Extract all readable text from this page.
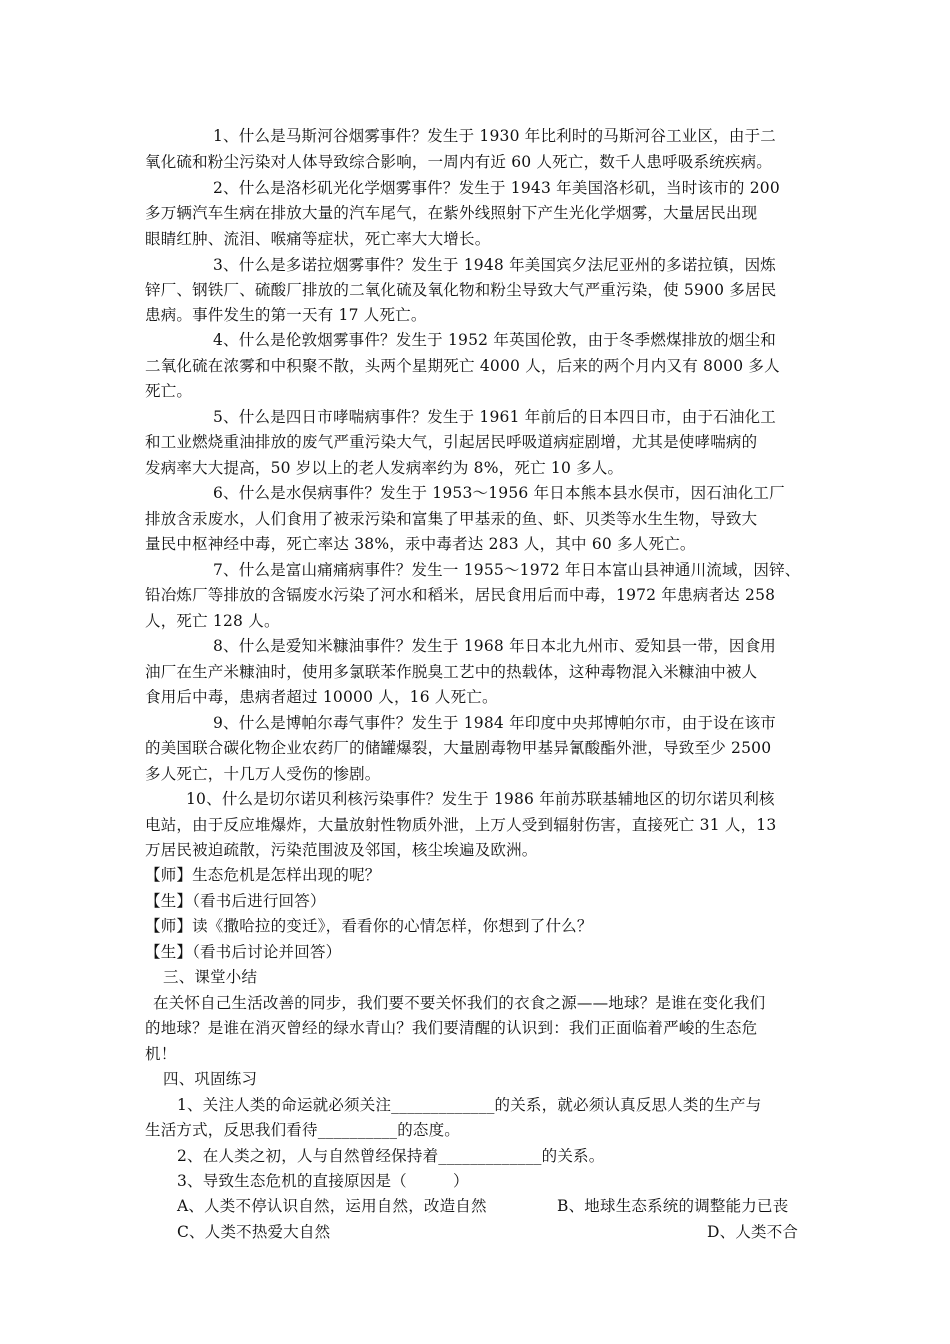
1、什么是马斯河谷烟雾事件？发生于 1930 年比利时的马斯河谷工业区，由于二
氧化硫和粉尘污染对人体导致综合影响，一周内有近 60 人死亡，数千人患呼吸系统疾病。
2、什么是洛杉矶光化学烟雾事件？发生于 1943 年美国洛杉矶，当时该市的 200
多万辆汽车生病在排放大量的汽车尾气，在紫外线照射下产生光化学烟雾，大量居民出现
眼睛红肿、流泪、喉痛等症状，死亡率大大增长。
3、什么是多诺拉烟雾事件？发生于 1948 年美国宾夕法尼亚州的多诺拉镇，因炼
锌厂、钢铁厂、硫酸厂排放的二氧化硫及氧化物和粉尘导致大气严重污染，使 5900 多居民
患病。事件发生的第一天有 17 人死亡。
4、什么是伦敦烟雾事件？发生于 1952 年英国伦敦，由于冬季燃煤排放的烟尘和
二氧化硫在浓雾和中积聚不散，头两个星期死亡 4000 人，后来的两个月内又有 8000 多人
死亡。
5、什么是四日市哮喘病事件？发生于 1961 年前后的日本四日市，由于石油化工
和工业燃烧重油排放的废气严重污染大气，引起居民呼吸道病症剧增，尤其是使哮喘病的
发病率大大提高，50 岁以上的老人发病率约为 8%，死亡 10 多人。
6、什么是水俣病事件？发生于 1953～1956 年日本熊本县水俣市，因石油化工厂
排放含汞废水，人们食用了被汞污染和富集了甲基汞的鱼、虾、贝类等水生生物，导致大
量民中枢神经中毒，死亡率达 38%，汞中毒者达 283 人，其中 60 多人死亡。
7、什么是富山痛痛病事件？发生一 1955～1972 年日本富山县神通川流域，因锌、
铅冶炼厂等排放的含镉废水污染了河水和稻米，居民食用后而中毒，1972 年患病者达 258
人，死亡 128 人。
8、什么是爱知米糠油事件？发生于 1968 年日本北九州市、爱知县一带，因食用
油厂在生产米糠油时，使用多氯联苯作脱臭工艺中的热载体，这种毒物混入米糠油中被人
食用后中毒，患病者超过 10000 人，16 人死亡。
9、什么是博帕尔毒气事件？发生于 1984 年印度中央邦博帕尔市，由于设在该市
的美国联合碳化物企业农药厂的储罐爆裂，大量剧毒物甲基异氰酸酯外泄，导致至少 2500
多人死亡，十几万人受伤的惨剧。
10、什么是切尔诺贝利核污染事件？发生于 1986 年前苏联基辅地区的切尔诺贝利核
电站，由于反应堆爆炸，大量放射性物质外泄，上万人受到辐射伤害，直接死亡 31 人，13
万居民被迫疏散，污染范围波及邻国，核尘埃遍及欧洲。
【师】生态危机是怎样出现的呢？
【生】（看书后进行回答）
【师】读《撒哈拉的变迁》，看看你的心情怎样，你想到了什么？
【生】（看书后讨论并回答）
三、课堂小结
在关怀自己生活改善的同步，我们要不要关怀我们的衣食之源——地球？是谁在变化我们
的地球？是谁在消灭曾经的绿水青山？我们要清醒的认识到：我们正面临着严峻的生态危
机！
四、巩固练习
1、关注人类的命运就必须关注_____________的关系，就必须认真反思人类的生产与
生活方式，反思我们看待__________的态度。
2、在人类之初，人与自然曾经保持着_____________的关系。
3、导致生态危机的直接原因是（         ）
A、人类不停认识自然，运用自然，改造自然	B、地球生态系统的调整能力已丧
C、人类不热爱大自然	D、人类不合
